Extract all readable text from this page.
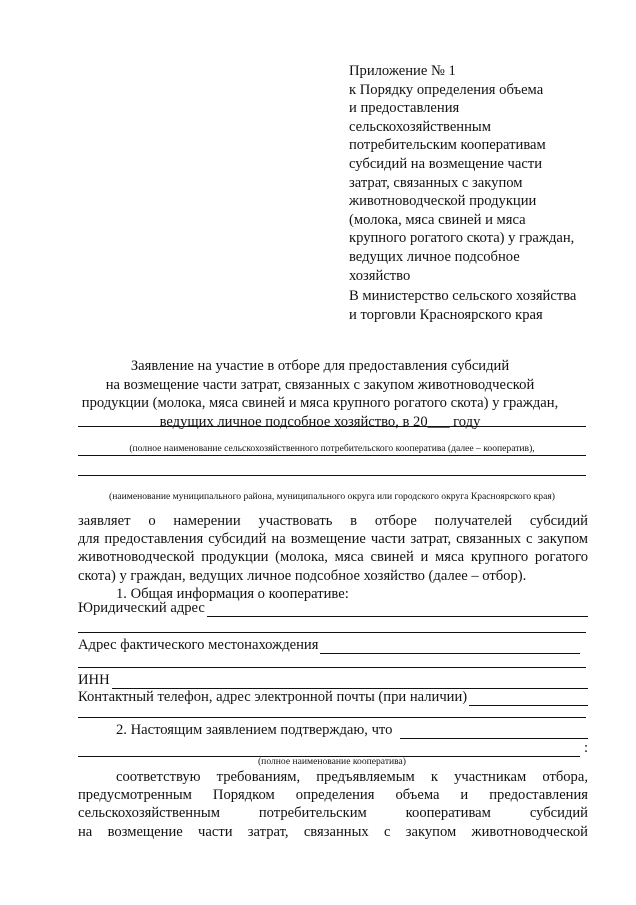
Приложение № 1
к Порядку определения объема
и предоставления
сельскохозяйственным
потребительским кооперативам
субсидий на возмещение части
затрат, связанных с закупом
животноводческой продукции
(молока, мяса свиней и мяса
крупного рогатого скота) у граждан,
ведущих личное подсобное
хозяйство
В министерство сельского хозяйства
и торговли Красноярского края
Заявление на участие в отборе для предоставления субсидий
на возмещение части затрат, связанных с закупом животноводческой
продукции (молока, мяса свиней и мяса крупного рогатого скота) у граждан,
ведущих личное подсобное хозяйство, в 20___ году
(полное наименование сельскохозяйственного потребительского кооператива (далее – кооператив),
(наименование муниципального района, муниципального округа или городского округа Красноярского края)
заявляет о намерении участвовать в отборе получателей субсидий
для предоставления субсидий на возмещение части затрат, связанных с закупом
животноводческой продукции (молока, мяса свиней и мяса крупного рогатого
скота) у граждан, ведущих личное подсобное хозяйство (далее – отбор).
1. Общая информация о кооперативе:
Юридический адрес
Адрес фактического местонахождения
ИНН
Контактный телефон, адрес электронной почты (при наличии)
2. Настоящим заявлением подтверждаю, что
:
(полное наименование кооператива)
соответствую требованиям, предъявляемым к участникам отбора,
предусмотренным Порядком определения объема и предоставления
сельскохозяйственным	потребительским	кооперативам	субсидий
на возмещение части затрат, связанных с закупом животноводческой
